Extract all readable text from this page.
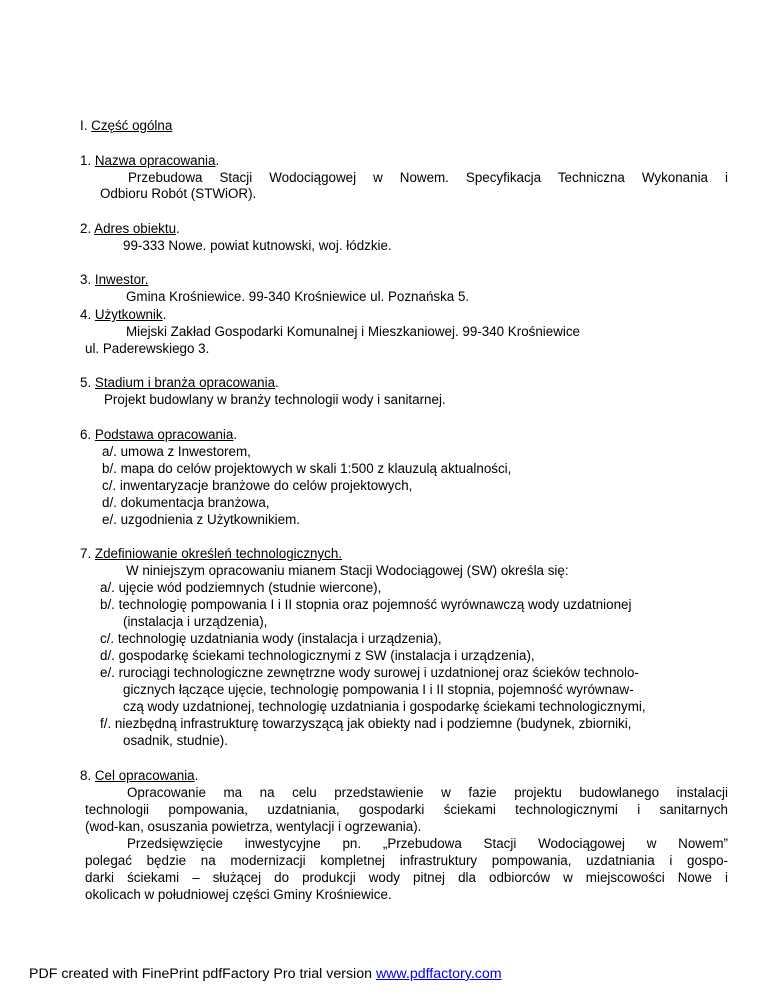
I. Część ogólna
1. Nazwa opracowania.
Przebudowa Stacji Wodociągowej w Nowem. Specyfikacja Techniczna Wykonania i
Odbioru Robót (STWiOR).
2. Adres obiektu.
99-333 Nowe. powiat kutnowski, woj. łódzkie.
3. Inwestor.
Gmina Krośniewice. 99-340 Krośniewice ul. Poznańska 5.
4. Użytkownik.
Miejski Zakład Gospodarki Komunalnej i Mieszkaniowej. 99-340 Krośniewice
ul. Paderewskiego 3.
5. Stadium i branża opracowania.
Projekt budowlany w branży technologii wody i sanitarnej.
6. Podstawa opracowania.
a/. umowa z Inwestorem,
b/. mapa do celów projektowych w skali 1:500 z klauzulą aktualności,
c/. inwentaryzacje branżowe do celów projektowych,
d/. dokumentacja branżowa,
e/. uzgodnienia z Użytkownikiem.
7. Zdefiniowanie określeń technologicznych.
W niniejszym opracowaniu mianem Stacji Wodociągowej (SW) określa się:
a/. ujęcie wód podziemnych (studnie wiercone),
b/. technologię pompowania I i II stopnia oraz pojemność wyrównawczą wody uzdatnionej
(instalacja i urządzenia),
c/. technologię uzdatniania wody (instalacja i urządzenia),
d/. gospodarkę ściekami technologicznymi z SW (instalacja i urządzenia),
e/. rurociągi technologiczne zewnętrzne wody surowej i uzdatnionej oraz ścieków technolo-
gicznych łączące ujęcie, technologię pompowania I i II stopnia, pojemność wyrównaw-
czą wody uzdatnionej, technologię uzdatniania i gospodarkę ściekami technologicznymi,
f/. niezbędną infrastrukturę towarzyszącą jak obiekty nad i podziemne (budynek, zbiorniki,
osadnik, studnie).
8. Cel opracowania.
Opracowanie ma na celu przedstawienie w fazie projektu budowlanego instalacji
technologii pompowania, uzdatniania, gospodarki ściekami technologicznymi i sanitarnych
(wod-kan, osuszania powietrza, wentylacji i ogrzewania).
Przedsięwzięcie inwestycyjne pn. „Przebudowa Stacji Wodociągowej w Nowem”
polegać będzie na modernizacji kompletnej infrastruktury pompowania, uzdatniania i gospo-
darki ściekami – służącej do produkcji wody pitnej dla odbiorców w miejscowości Nowe i
okolicach w południowej części Gminy Krośniewice.
PDF created with FinePrint pdfFactory Pro trial version www.pdffactory.com
